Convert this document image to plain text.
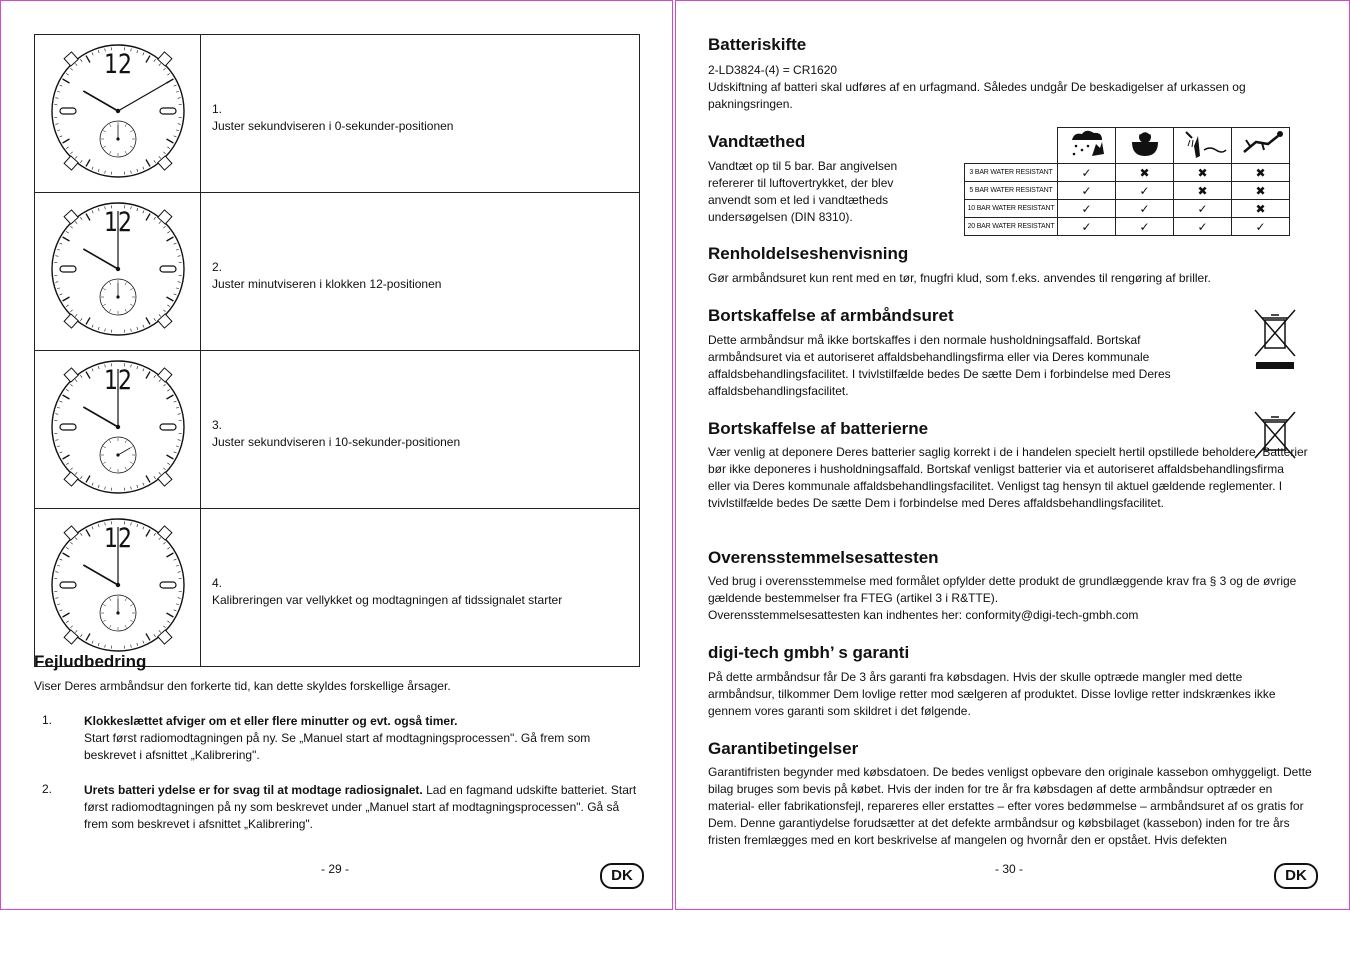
12	1.
Juster sekundviseren i 0-sekunder-positionen

12	2.
Juster minutviseren i klokken 12-positionen

12	3.
Juster sekundviseren i 10-sekunder-positionen

12	4.
Kalibreringen var vellykket og modtagningen af tidssignalet starter
Fejludbedring
Viser Deres armbåndsur den forkerte tid, kan dette skyldes forskellige årsager.
1.	Klokkeslættet afviger om et eller flere minutter og evt. også timer.
Start først radiomodtagningen på ny. Se „Manuel start af modtagningsprocessen". Gå frem som beskrevet i afsnittet „Kalibrering".
2.	Urets batteri ydelse er for svag til at modtage radiosignalet. Lad en fagmand udskifte batteriet. Start først radiomodtagningen på ny som beskrevet under „Manuel start af modtagningsprocessen". Gå så frem som beskrevet i afsnittet „Kalibrering".
- 29 -	DK
Batteriskifte
2-LD3824-(4) = CR1620
Udskiftning af batteri skal udføres af en urfagmand. Således undgår De beskadigelser af urkassen og pakningsringen.
Vandtæthed
Vandtæt op til 5 bar. Bar angivelsen refererer til luftovertrykket, der blev anvendt som et led i vandtætheds undersøgelsen (DIN 8310).

3 BAR WATER RESISTANT	✓	✖	✖	✖
5 BAR WATER RESISTANT	✓	✓	✖	✖
10 BAR WATER RESISTANT	✓	✓	✓	✖
20 BAR WATER RESISTANT	✓	✓	✓	✓
Renholdelseshenvisning
Gør armbåndsuret kun rent med en tør, fnugfri klud, som f.eks. anvendes til rengøring af briller.
Bortskaffelse af armbåndsuret
Dette armbåndsur må ikke bortskaffes i den normale husholdningsaffald. Bortskaf armbåndsuret via et autoriseret affaldsbehandlingsfirma eller via Deres kommunale affaldsbehandlingsfacilitet. I tvivlstilfælde bedes De sætte Dem i forbindelse med Deres affaldsbehandlingsfacilitet.
Bortskaffelse af batterierne
Vær venlig at deponere Deres batterier saglig korrekt i de i handelen specielt hertil opstillede beholdere. Batterier bør ikke deponeres i husholdningsaffald. Bortskaf venligst batterier via et autoriseret affaldsbehandlingsfirma eller via Deres kommunale affaldsbehandlingsfacilitet. Venligst tag hensyn til aktuel gældende reglementer. I tvivlstilfælde bedes De sætte Dem i forbindelse med Deres affaldsbehandlingsfacilitet.
Overensstemmelsesattesten
Ved brug i overensstemmelse med formålet opfylder dette produkt de grundlæggende krav fra § 3 og de øvrige gældende bestemmelser fra FTEG (artikel 3 i R&TTE).
Overensstemmelsesattesten kan indhentes her: conformity@digi-tech-gmbh.com
digi-tech gmbh’ s garanti
På dette armbåndsur får De 3 års garanti fra købsdagen. Hvis der skulle optræde mangler med dette armbåndsur, tilkommer Dem lovlige retter mod sælgeren af produktet. Disse lovlige retter indskrænkes ikke gennem vores garanti som skildret i det følgende.
Garantibetingelser
Garantifristen begynder med købsdatoen. De bedes venligst opbevare den originale kassebon omhyggeligt. Dette bilag bruges som bevis på købet. Hvis der inden for tre år fra købsdagen af dette armbåndsur optræder en material- eller fabrikationsfejl, repareres eller erstattes – efter vores bedømmelse – armbåndsuret af os gratis for Dem. Denne garantiydelse forudsætter at det defekte armbåndsur og købsbilaget (kassebon) inden for tre års fristen fremlægges med en kort beskrivelse af mangelen og hvornår den er opstået. Hvis defekten
- 30 -	DK
